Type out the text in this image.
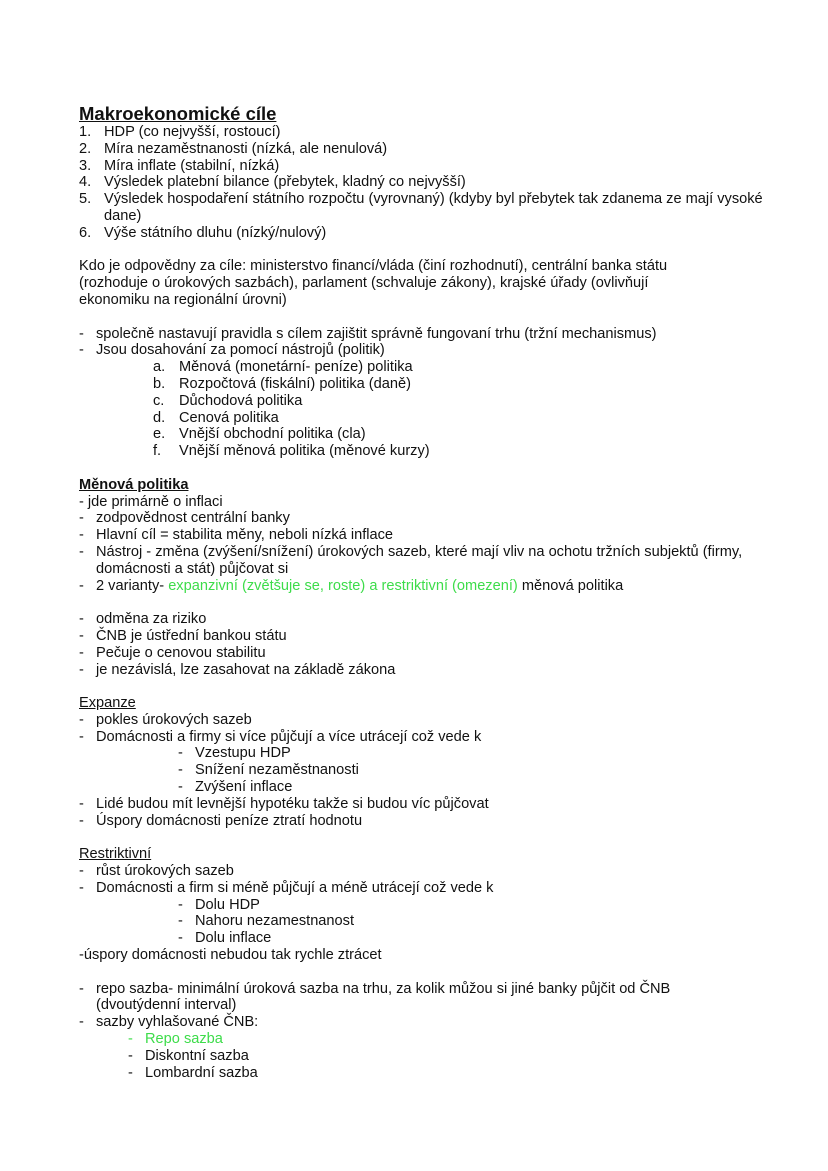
Makroekonomické cíle
1. HDP (co nejvyšší, rostoucí)
2. Míra nezaměstnanosti (nízká, ale nenulová)
3. Míra inflate (stabilní, nízká)
4. Výsledek platební bilance (přebytek, kladný co nejvyšší)
5. Výsledek hospodaření státního rozpočtu (vyrovnaný) (kdyby byl přebytek tak zdanema ze mají vysoké dane)
6. Výše státního dluhu (nízký/nulový)
Kdo je odpovědny za cíle: ministerstvo financí/vláda (činí rozhodnutí), centrální banka státu (rozhoduje o úrokových sazbách), parlament (schvaluje zákony), krajské úřady (ovlivňují ekonomiku na regionální úrovni)
- společně nastavují pravidla s cílem zajištit správně fungovaní trhu (tržní mechanismus)
- Jsou dosahování za pomocí nástrojů (politik)
a. Měnová (monetární- peníze) politika
b. Rozpočtová (fiskální) politika (daně)
c.	Důchodová politika
d. Cenová politika
e. Vnější obchodní politika (cla)
f.	Vnější měnová politika (měnové kurzy)
Měnová politika
- jde primárně o inflaci
- zodpovědnost centrální banky
- Hlavní cíl = stabilita měny, neboli nízká inflace
- Nástroj - změna (zvýšení/snížení) úrokových sazeb, které mají vliv na ochotu tržních subjektů (firmy, domácnosti a stát) půjčovat si
- 2 varianty- expanzivní (zvětšuje se, roste) a restriktivní (omezení) měnová politika
- odměna za riziko
- ČNB je ústřední bankou státu
- Pečuje o cenovou stabilitu
- je nezávislá, lze zasahovat na základě zákona
Expanze
- pokles úrokových sazeb
- Domácnosti a firmy si více půjčují a více utrácejí což vede k
- Vzestupu HDP
- Snížení nezaměstnanosti
- Zvýšení inflace
- Lidé budou mít levnější hypotéku takže si budou víc půjčovat
- Úspory domácnosti peníze ztratí hodnotu
Restriktivní
- růst úrokových sazeb
- Domácnosti a firm si méně půjčují a méně utrácejí což vede k
- Dolu HDP
- Nahoru nezamestnanost
- Dolu inflace
-úspory domácnosti nebudou tak rychle ztrácet
- repo sazba- minimální úroková sazba na trhu, za kolik můžou si jiné banky půjčit od ČNB (dvoutýdenní interval)
- sazby vyhlašované ČNB:
- Repo sazba
- Diskontní sazba
- Lombardní sazba
